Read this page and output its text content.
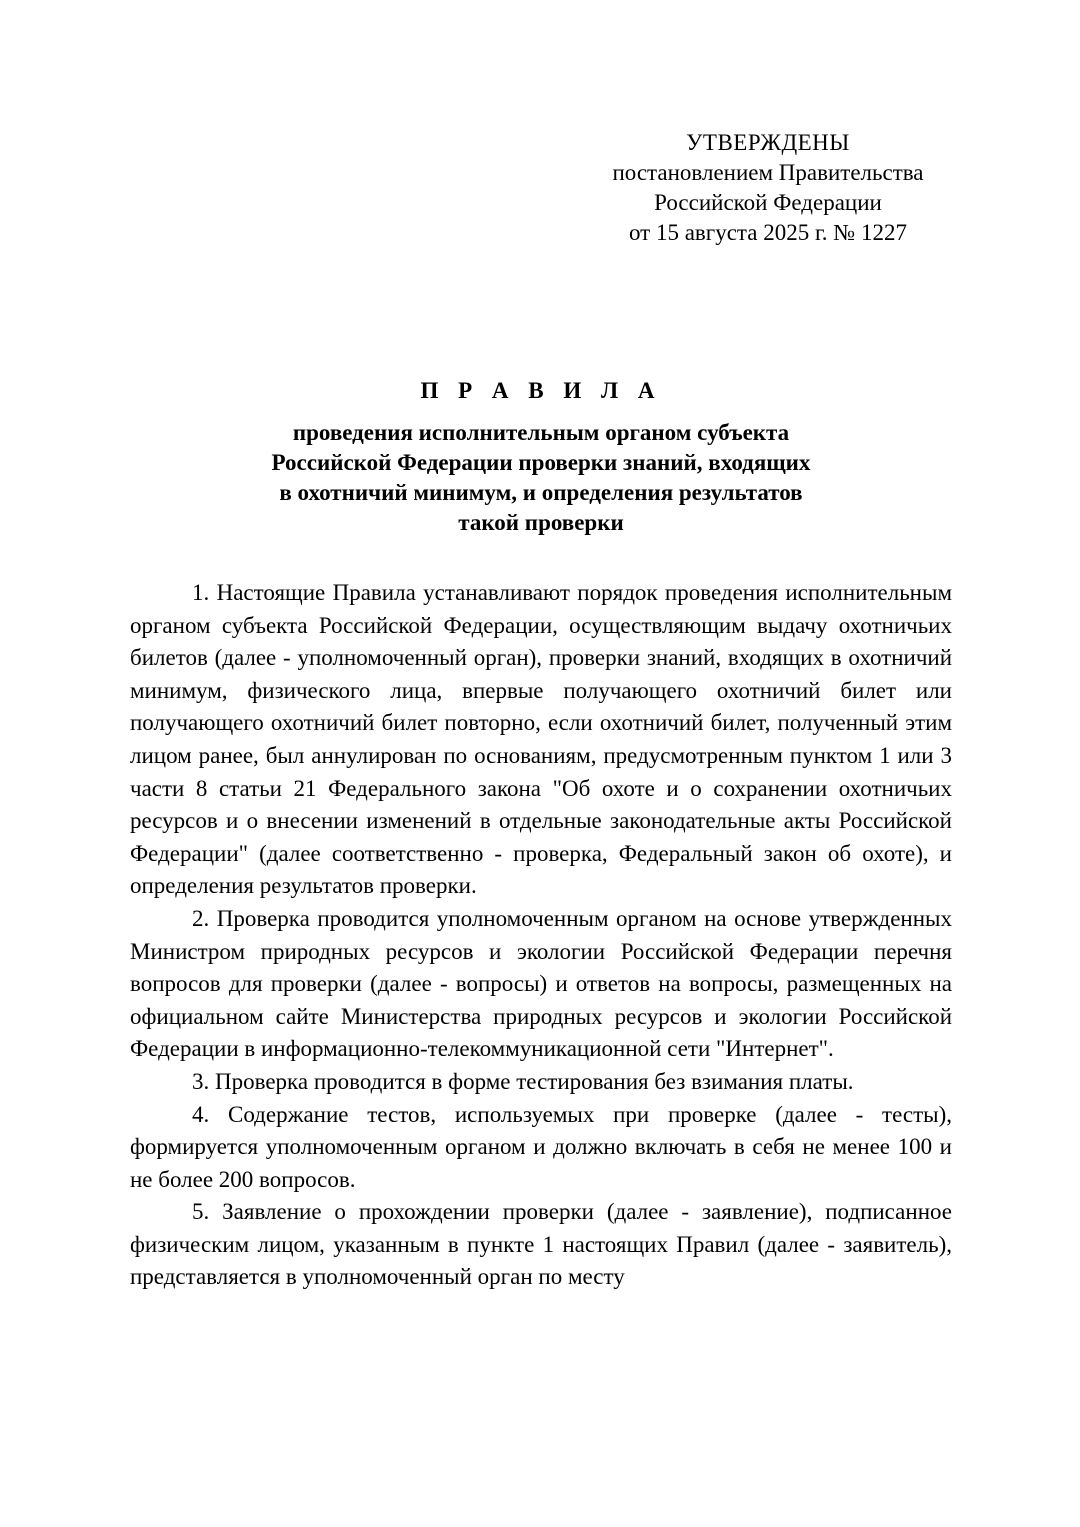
УТВЕРЖДЕНЫ
постановлением Правительства
Российской Федерации
от 15 августа 2025 г. № 1227
П Р А В И Л А
проведения исполнительным органом субъекта
Российской Федерации проверки знаний, входящих
в охотничий минимум, и определения результатов
такой проверки

1. Настоящие Правила устанавливают порядок проведения исполнительным органом субъекта Российской Федерации, осуществляющим выдачу охотничьих билетов (далее - уполномоченный орган), проверки знаний, входящих в охотничий минимум, физического лица, впервые получающего охотничий билет или получающего охотничий билет повторно, если охотничий билет, полученный этим лицом ранее, был аннулирован по основаниям, предусмотренным пунктом 1 или 3 части 8 статьи 21 Федерального закона "Об охоте и о сохранении охотничьих ресурсов и о внесении изменений в отдельные законодательные акты Российской Федерации" (далее соответственно - проверка, Федеральный закон об охоте), и определения результатов проверки.

2. Проверка проводится уполномоченным органом на основе утвержденных Министром природных ресурсов и экологии Российской Федерации перечня вопросов для проверки (далее - вопросы) и ответов на вопросы, размещенных на официальном сайте Министерства природных ресурсов и экологии Российской Федерации в информационно-телекоммуникационной сети "Интернет".

3. Проверка проводится в форме тестирования без взимания платы.

4. Содержание тестов, используемых при проверке (далее - тесты), формируется уполномоченным органом и должно включать в себя не менее 100 и не более 200 вопросов.

5. Заявление о прохождении проверки (далее - заявление), подписанное физическим лицом, указанным в пункте 1 настоящих Правил (далее - заявитель), представляется в уполномоченный орган по месту
